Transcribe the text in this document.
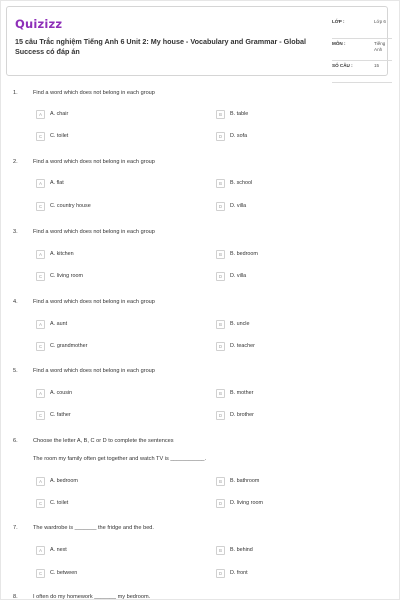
Quizizz
15 câu Trắc nghiệm Tiếng Anh 6 Unit 2: My house - Vocabulary and Grammar - Global Success có đáp án
LỚP :	Lớp 6
MÔN :	Tiếng Anh
SỐ CÂU :	15
1.	Find a word which does not belong in each group
A	A. chair	B	B. table
C	C. toilet	D	D. sofa
2.	Find a word which does not belong in each group
A	A. flat	B	B. school
C	C. country house	D	D. villa
3.	Find a word which does not belong in each group
A	A. kitchen	B	B. bedroom
C	C. living room	D	D. villa
4.	Find a word which does not belong in each group
A	A. aunt	B	B. uncle
C	C. grandmother	D	D. teacher
5.	Find a word which does not belong in each group
A	A. cousin	B	B. mother
C	C. father	D	D. brother
6.	Choose the letter A, B, C or D to complete the sentences
The room my family often get together and watch TV is ___________.
A	A. bedroom	B	B. bathroom
C	C. toilet	D	D. living room
7.	The wardrobe is _______ the fridge and the bed.
A	A. next	B	B. behind
C	C. between	D	D. front
8.	I often do my homework _______ my bedroom.
